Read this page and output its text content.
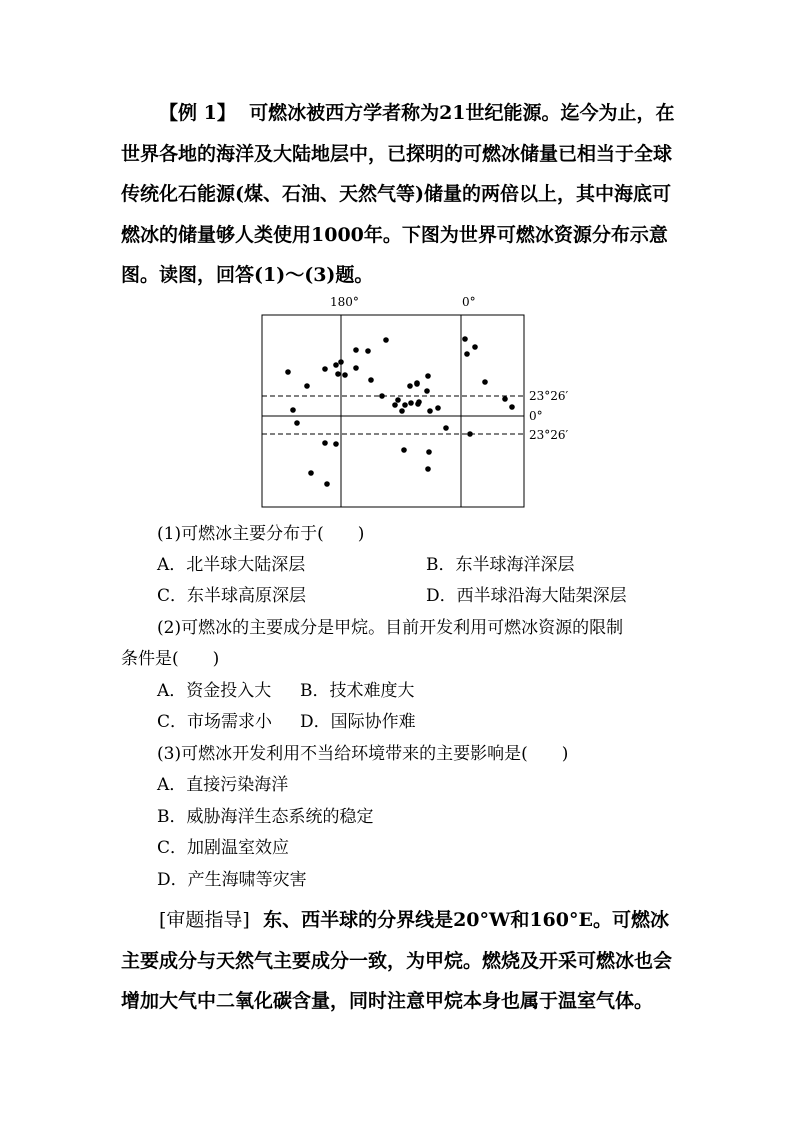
【例 1】 可燃冰被西方学者称为21世纪能源。迄今为止，在世界各地的海洋及大陆地层中，已探明的可燃冰储量已相当于全球传统化石能源(煤、石油、天然气等)储量的两倍以上，其中海底可燃冰的储量够人类使用1000年。下图为世界可燃冰资源分布示意图。读图，回答(1)～(3)题。
180°	0°
23°26′
0°
23°26′
(1)可燃冰主要分布于(　　)
A．北半球大陆深层	B．东半球海洋深层
C．东半球高原深层	D．西半球沿海大陆架深层
(2)可燃冰的主要成分是甲烷。目前开发利用可燃冰资源的限制
条件是(　　)
A．资金投入大 B．技术难度大
C．市场需求小 D．国际协作难
(3)可燃冰开发利用不当给环境带来的主要影响是(　　)
A．直接污染海洋
B．威胁海洋生态系统的稳定
C．加剧温室效应
D．产生海啸等灾害
[审题指导] 东、西半球的分界线是20°W和160°E。可燃冰主要成分与天然气主要成分一致，为甲烷。燃烧及开采可燃冰也会增加大气中二氧化碳含量，同时注意甲烷本身也属于温室气体。
